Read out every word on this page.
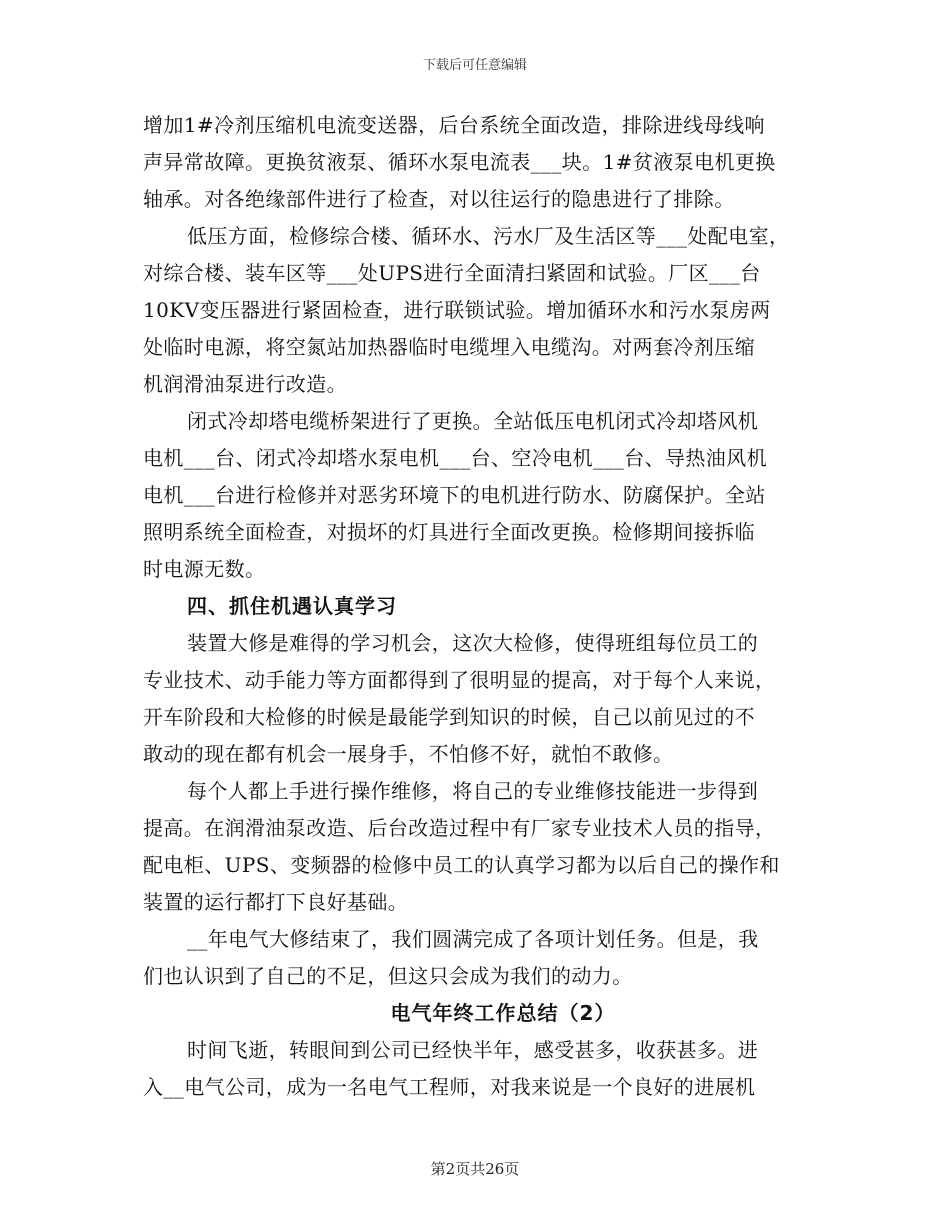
下载后可任意编辑
增加1#冷剂压缩机电流变送器，后台系统全面改造，排除进线母线响
声异常故障。更换贫液泵、循环水泵电流表___块。1#贫液泵电机更换
轴承。对各绝缘部件进行了检查，对以往运行的隐患进行了排除。
低压方面，检修综合楼、循环水、污水厂及生活区等___处配电室，
对综合楼、装车区等___处UPS进行全面清扫紧固和试验。厂区___台
10KV变压器进行紧固检查，进行联锁试验。增加循环水和污水泵房两
处临时电源，将空氮站加热器临时电缆埋入电缆沟。对两套冷剂压缩
机润滑油泵进行改造。
闭式冷却塔电缆桥架进行了更换。全站低压电机闭式冷却塔风机
电机___台、闭式冷却塔水泵电机___台、空冷电机___台、导热油风机
电机___台进行检修并对恶劣环境下的电机进行防水、防腐保护。全站
照明系统全面检查，对损坏的灯具进行全面改更换。检修期间接拆临
时电源无数。
四、抓住机遇认真学习
装置大修是难得的学习机会，这次大检修，使得班组每位员工的
专业技术、动手能力等方面都得到了很明显的提高，对于每个人来说，
开车阶段和大检修的时候是最能学到知识的时候，自己以前见过的不
敢动的现在都有机会一展身手，不怕修不好，就怕不敢修。
每个人都上手进行操作维修，将自己的专业维修技能进一步得到
提高。在润滑油泵改造、后台改造过程中有厂家专业技术人员的指导，
配电柜、UPS、变频器的检修中员工的认真学习都为以后自己的操作和
装置的运行都打下良好基础。
__年电气大修结束了，我们圆满完成了各项计划任务。但是，我
们也认识到了自己的不足，但这只会成为我们的动力。
电气年终工作总结（2）
时间飞逝，转眼间到公司已经快半年，感受甚多，收获甚多。进
入__电气公司，成为一名电气工程师，对我来说是一个良好的进展机
第2页共26页
